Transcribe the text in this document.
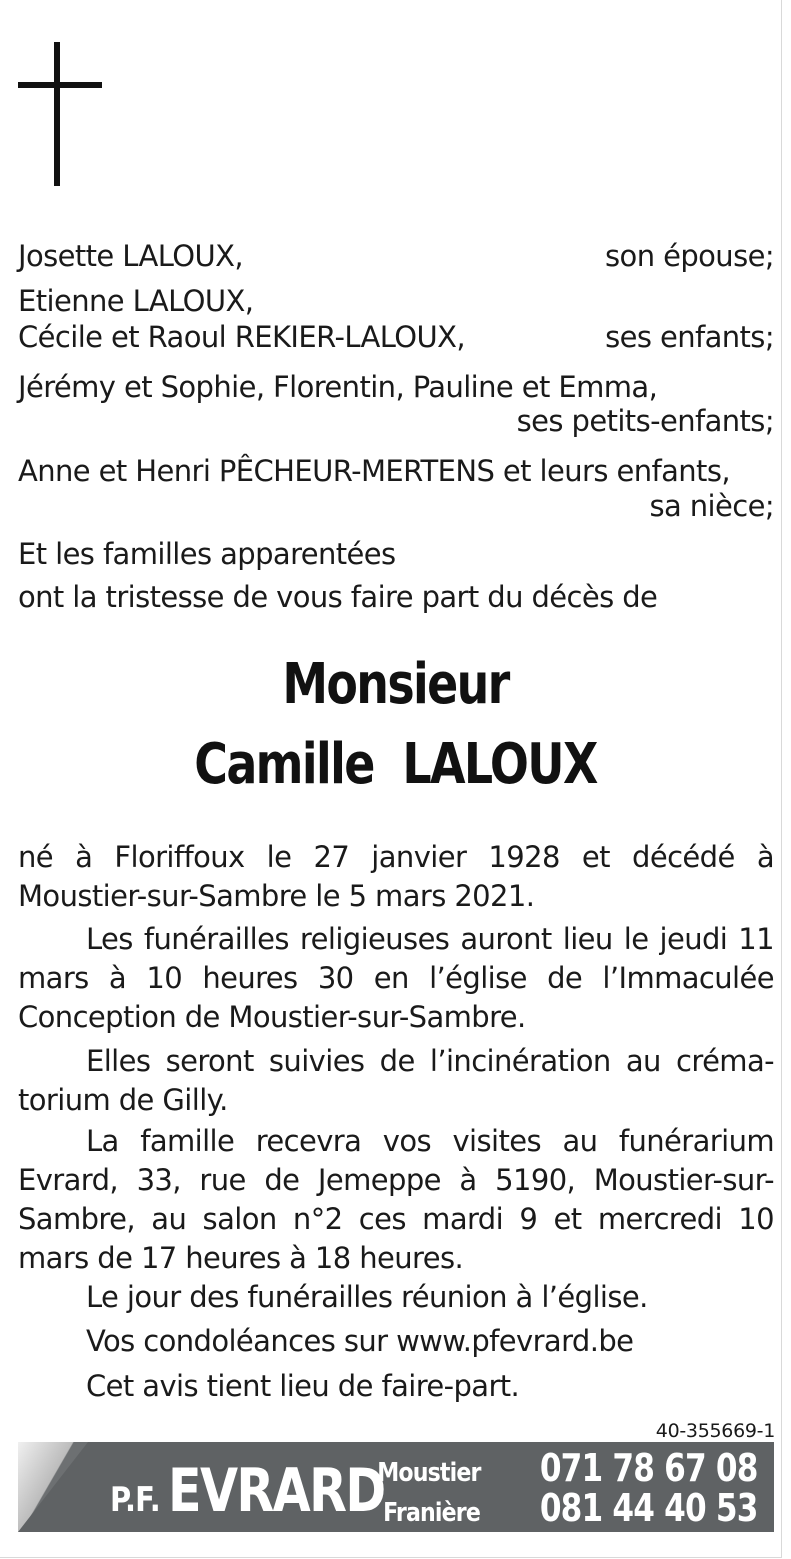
Josette LALOUX,	son épouse;
Etienne LALOUX,
Cécile et Raoul REKIER-LALOUX,	ses enfants;
Jérémy et Sophie, Florentin, Pauline et Emma,
ses petits-enfants;
Anne et Henri PÊCHEUR-MERTENS et leurs enfants,
sa nièce;
Et les familles apparentées
ont la tristesse de vous faire part du décès de
Monsieur
Camille  LALOUX
né à Floriffoux le 27 janvier 1928 et décédé à Moustier-sur-Sambre le 5 mars 2021.
Les funérailles religieuses auront lieu le jeudi 11 mars à 10 heures 30 en l’église de l’Immaculée Conception de Moustier-sur-Sambre.
Elles seront suivies de l’incinération au créma-torium de Gilly.
La famille recevra vos visites au funérarium Evrard, 33, rue de Jemeppe à 5190, Moustier-sur-Sambre, au salon n°2 ces mardi 9 et mercredi 10 mars de 17 heures à 18 heures.
Le jour des funérailles réunion à l’église.
Vos condoléances sur www.pfevrard.be
Cet avis tient lieu de faire-part.
40-355669-1
P.F. EVRARD
Moustier 071 78 67 08
Franière 081 44 40 53
